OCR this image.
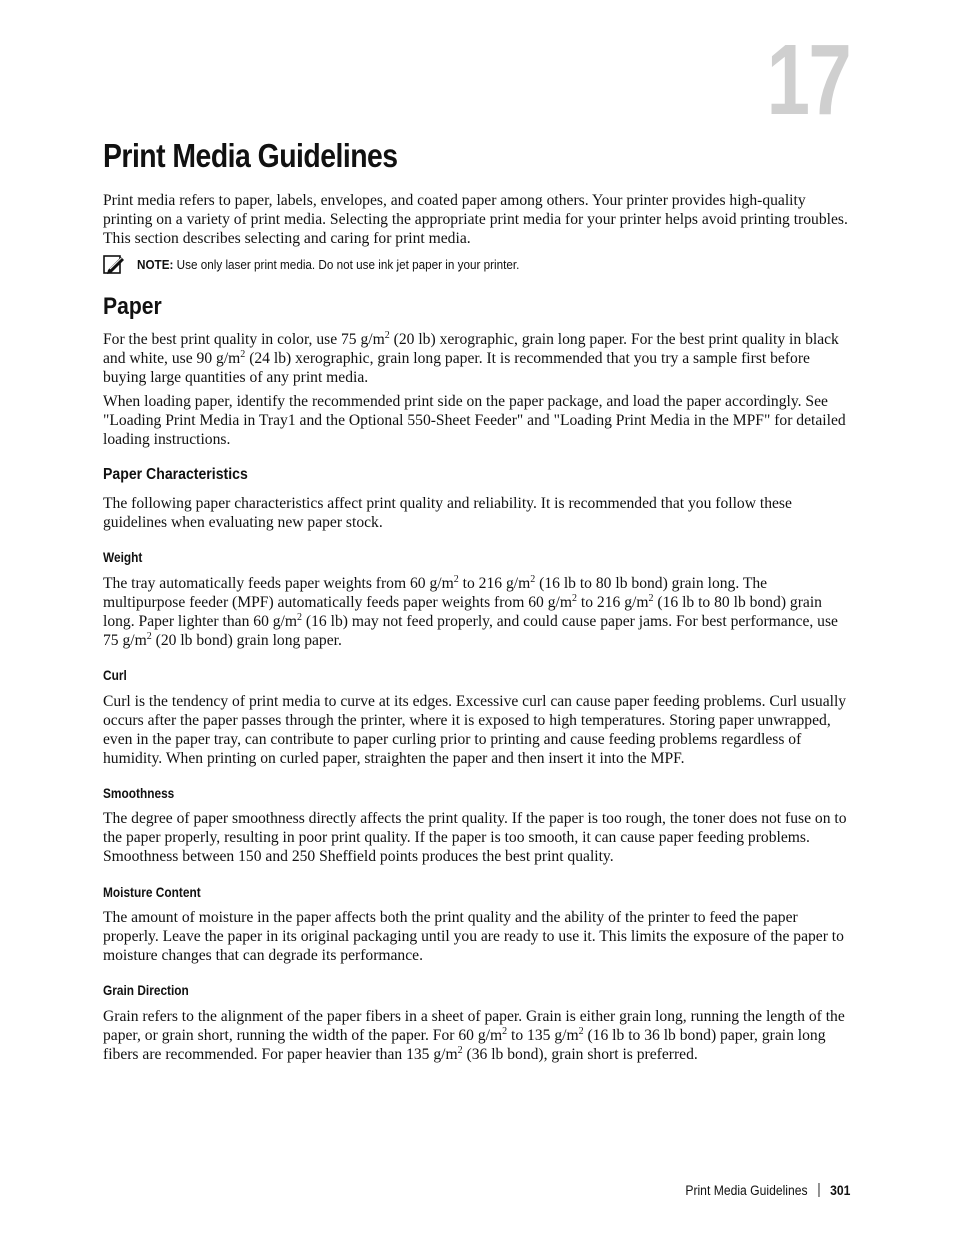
17
Print Media Guidelines

Print media refers to paper, labels, envelopes, and coated paper among others. Your printer provides high-quality printing on a variety of print media. Selecting the appropriate print media for your printer helps avoid printing troubles. This section describes selecting and caring for print media.

NOTE: Use only laser print media. Do not use ink jet paper in your printer.
Paper

For the best print quality in color, use 75 $g/m^2$ (20 lb) xerographic, grain long paper. For the best print quality in black and white, use 90 $g/m^2$ (24 lb) xerographic, grain long paper. It is recommended that you try a sample first before buying large quantities of any print media.

When loading paper, identify the recommended print side on the paper package, and load the paper accordingly. See "Loading Print Media in Tray1 and the Optional 550-Sheet Feeder" and "Loading Print Media in the MPF" for detailed loading instructions.

Paper Characteristics

The following paper characteristics affect print quality and reliability. It is recommended that you follow these guidelines when evaluating new paper stock.

Weight

The tray automatically feeds paper weights from 60 $g/m^2$ to 216 $g/m^2$ (16 lb to 80 lb bond) grain long. The multipurpose feeder (MPF) automatically feeds paper weights from 60 $g/m^2$ to 216 $g/m^2$ (16 lb to 80 lb bond) grain long. Paper lighter than 60 $g/m^2$ (16 lb) may not feed properly, and could cause paper jams. For best performance, use 75 $g/m^2$ (20 lb bond) grain long paper.

Curl

Curl is the tendency of print media to curve at its edges. Excessive curl can cause paper feeding problems. Curl usually occurs after the paper passes through the printer, where it is exposed to high temperatures. Storing paper unwrapped, even in the paper tray, can contribute to paper curling prior to printing and cause feeding problems regardless of humidity. When printing on curled paper, straighten the paper and then insert it into the MPF.

Smoothness

The degree of paper smoothness directly affects the print quality. If the paper is too rough, the toner does not fuse on to the paper properly, resulting in poor print quality. If the paper is too smooth, it can cause paper feeding problems. Smoothness between 150 and 250 Sheffield points produces the best print quality.

Moisture Content

The amount of moisture in the paper affects both the print quality and the ability of the printer to feed the paper properly. Leave the paper in its original packaging until you are ready to use it. This limits the exposure of the paper to moisture changes that can degrade its performance.

Grain Direction

Grain refers to the alignment of the paper fibers in a sheet of paper. Grain is either grain long, running the length of the paper, or grain short, running the width of the paper. For 60 $g/m^2$ to 135 $g/m^2$ (16 lb to 36 lb bond) paper, grain long fibers are recommended. For paper heavier than 135 $g/m^2$ (36 lb bond), grain short is preferred.

Print Media Guidelines 301
